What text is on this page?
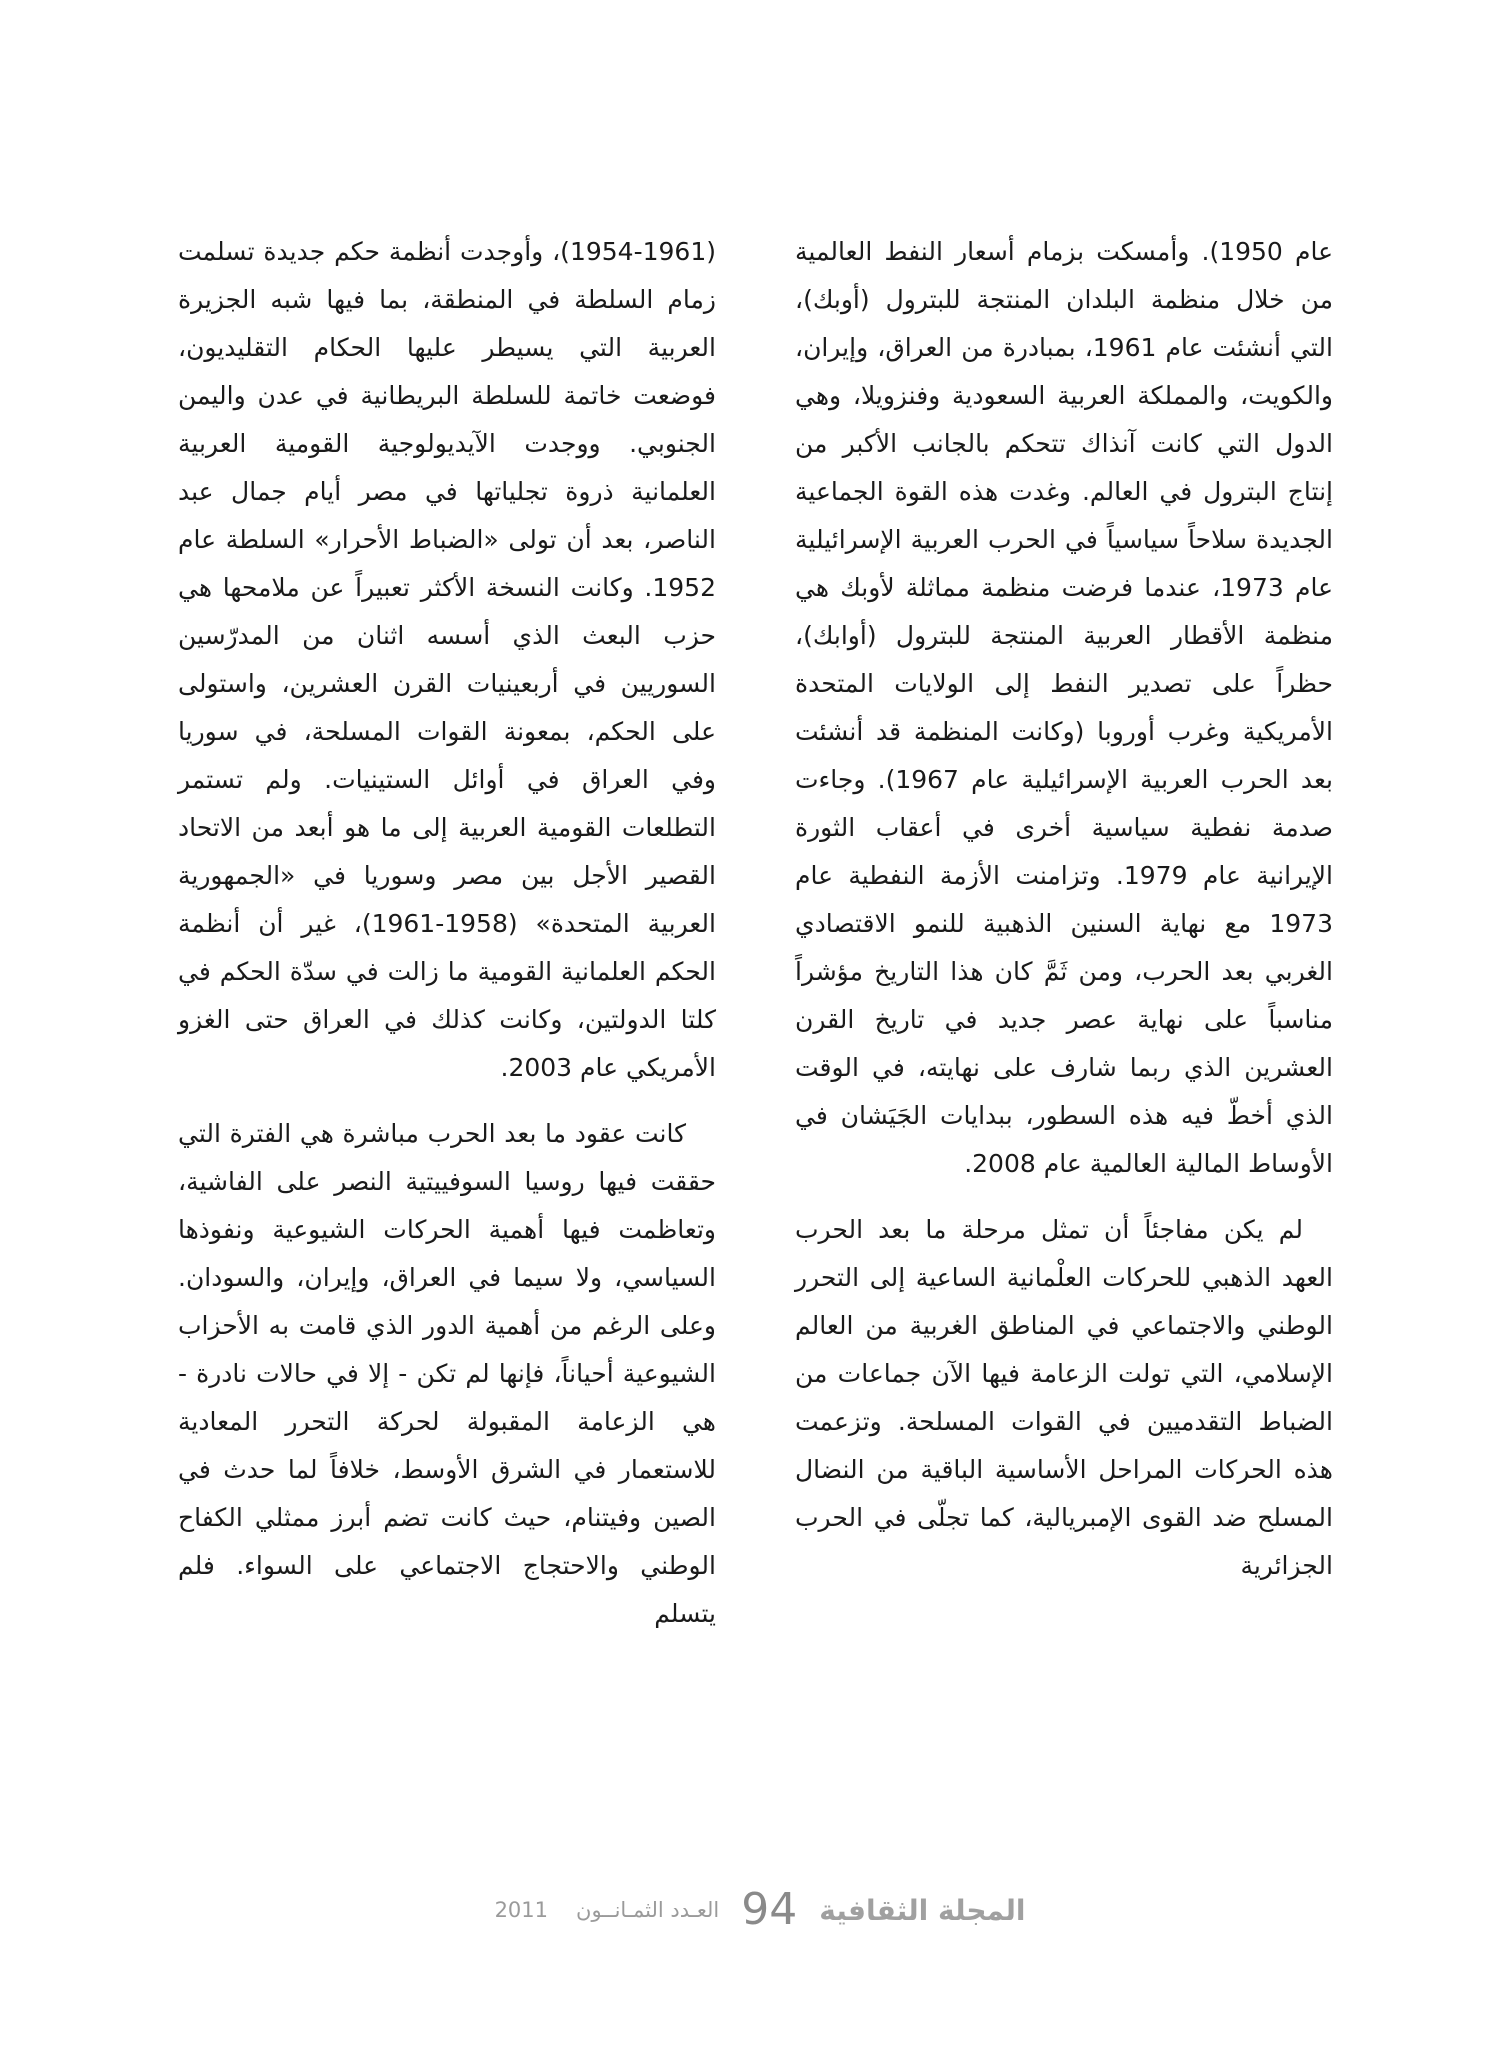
عام 1950). وأمسكت بزمام أسعار النفط العالمية من خلال منظمة البلدان المنتجة للبترول (أوبك)، التي أنشئت عام 1961، بمبادرة من العراق، وإيران، والكويت، والمملكة العربية السعودية وفنزويلا، وهي الدول التي كانت آنذاك تتحكم بالجانب الأكبر من إنتاج البترول في العالم. وغدت هذه القوة الجماعية الجديدة سلاحاً سياسياً في الحرب العربية الإسرائيلية عام 1973، عندما فرضت منظمة مماثلة لأوبك هي منظمة الأقطار العربية المنتجة للبترول (أوابك)، حظراً على تصدير النفط إلى الولايات المتحدة الأمريكية وغرب أوروبا (وكانت المنظمة قد أنشئت بعد الحرب العربية الإسرائيلية عام 1967). وجاءت صدمة نفطية سياسية أخرى في أعقاب الثورة الإيرانية عام 1979. وتزامنت الأزمة النفطية عام 1973 مع نهاية السنين الذهبية للنمو الاقتصادي الغربي بعد الحرب، ومن ثَمَّ كان هذا التاريخ مؤشراً مناسباً على نهاية عصر جديد في تاريخ القرن العشرين الذي ربما شارف على نهايته، في الوقت الذي أخطّ فيه هذه السطور، ببدايات الجَيَشان في الأوساط المالية العالمية عام 2008.

لم يكن مفاجئاً أن تمثل مرحلة ما بعد الحرب العهد الذهبي للحركات العلْمانية الساعية إلى التحرر الوطني والاجتماعي في المناطق الغربية من العالم الإسلامي، التي تولت الزعامة فيها الآن جماعات من الضباط التقدميين في القوات المسلحة. وتزعمت هذه الحركات المراحل الأساسية الباقية من النضال المسلح ضد القوى الإمبريالية، كما تجلّى في الحرب الجزائرية

(1954-1961)، وأوجدت أنظمة حكم جديدة تسلمت زمام السلطة في المنطقة، بما فيها شبه الجزيرة العربية التي يسيطر عليها الحكام التقليديون، فوضعت خاتمة للسلطة البريطانية في عدن واليمن الجنوبي. ووجدت الآيديولوجية القومية العربية العلمانية ذروة تجلياتها في مصر أيام جمال عبد الناصر، بعد أن تولى «الضباط الأحرار» السلطة عام 1952. وكانت النسخة الأكثر تعبيراً عن ملامحها هي حزب البعث الذي أسسه اثنان من المدرّسين السوريين في أربعينيات القرن العشرين، واستولى على الحكم، بمعونة القوات المسلحة، في سوريا وفي العراق في أوائل الستينيات. ولم تستمر التطلعات القومية العربية إلى ما هو أبعد من الاتحاد القصير الأجل بين مصر وسوريا في «الجمهورية العربية المتحدة» (1958-1961)، غير أن أنظمة الحكم العلمانية القومية ما زالت في سدّة الحكم في كلتا الدولتين، وكانت كذلك في العراق حتى الغزو الأمريكي عام 2003.

كانت عقود ما بعد الحرب مباشرة هي الفترة التي حققت فيها روسيا السوفييتية النصر على الفاشية، وتعاظمت فيها أهمية الحركات الشيوعية ونفوذها السياسي، ولا سيما في العراق، وإيران، والسودان. وعلى الرغم من أهمية الدور الذي قامت به الأحزاب الشيوعية أحياناً، فإنها لم تكن - إلا في حالات نادرة - هي الزعامة المقبولة لحركة التحرر المعادية للاستعمار في الشرق الأوسط، خلافاً لما حدث في الصين وفيتنام، حيث كانت تضم أبرز ممثلي الكفاح الوطني والاحتجاج الاجتماعي على السواء. فلم يتسلم

المجلة الثقافية
94
العـدد الثمـانــون
2011
